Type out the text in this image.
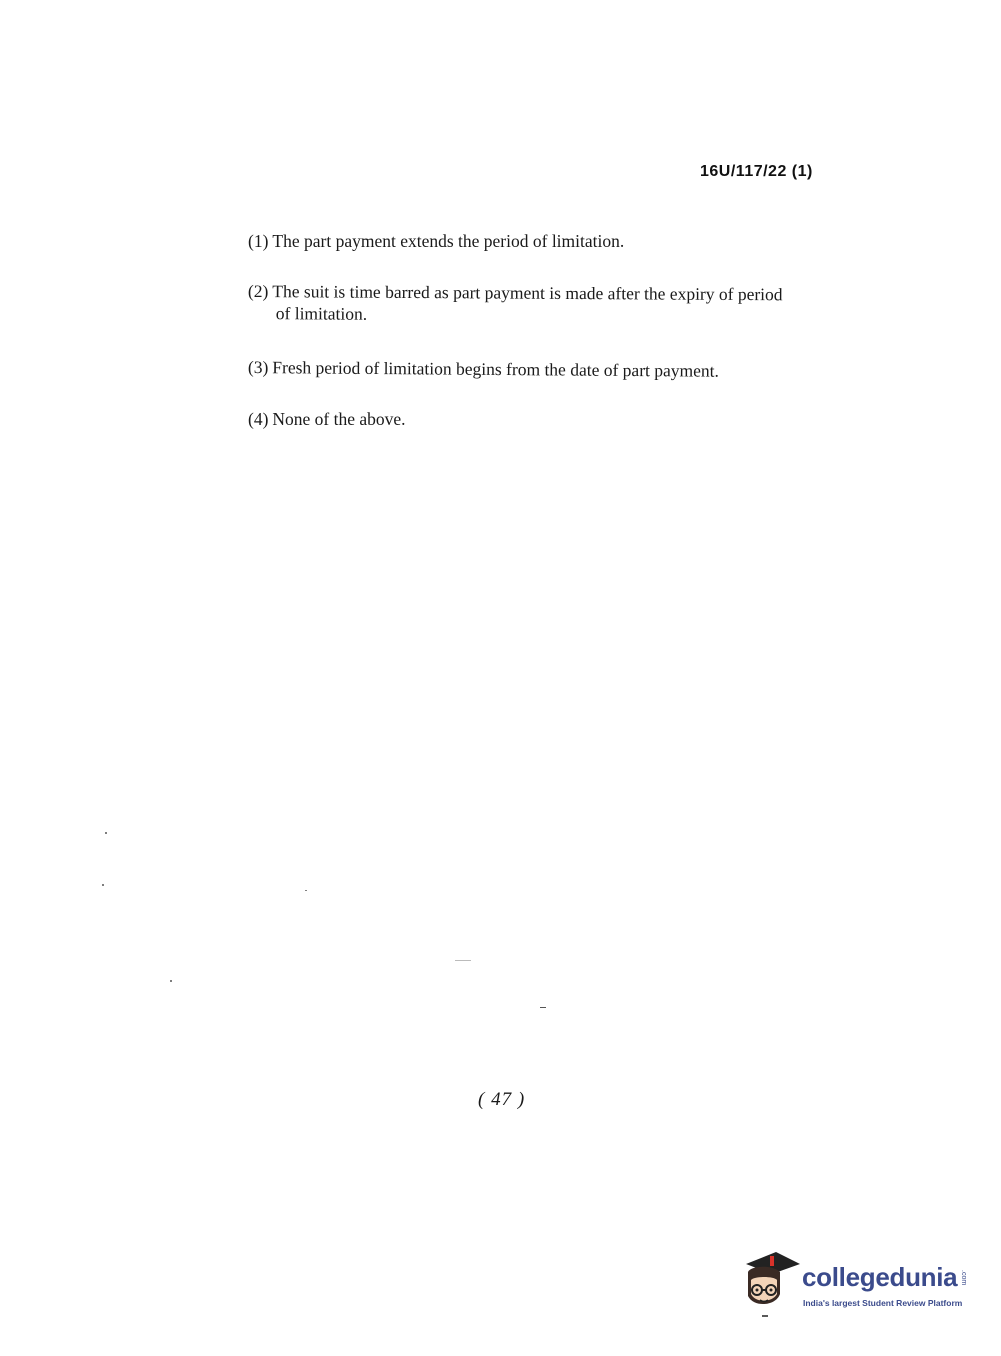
16U/117/22 (1)
(1) The part payment extends the period of limitation.
(2) The suit is time barred as part payment is made after the expiry of period
of limitation.
(3) Fresh period of limitation begins from the date of part payment.
(4) None of the above.
( 47 )
collegedunia .com
India's largest Student Review Platform
